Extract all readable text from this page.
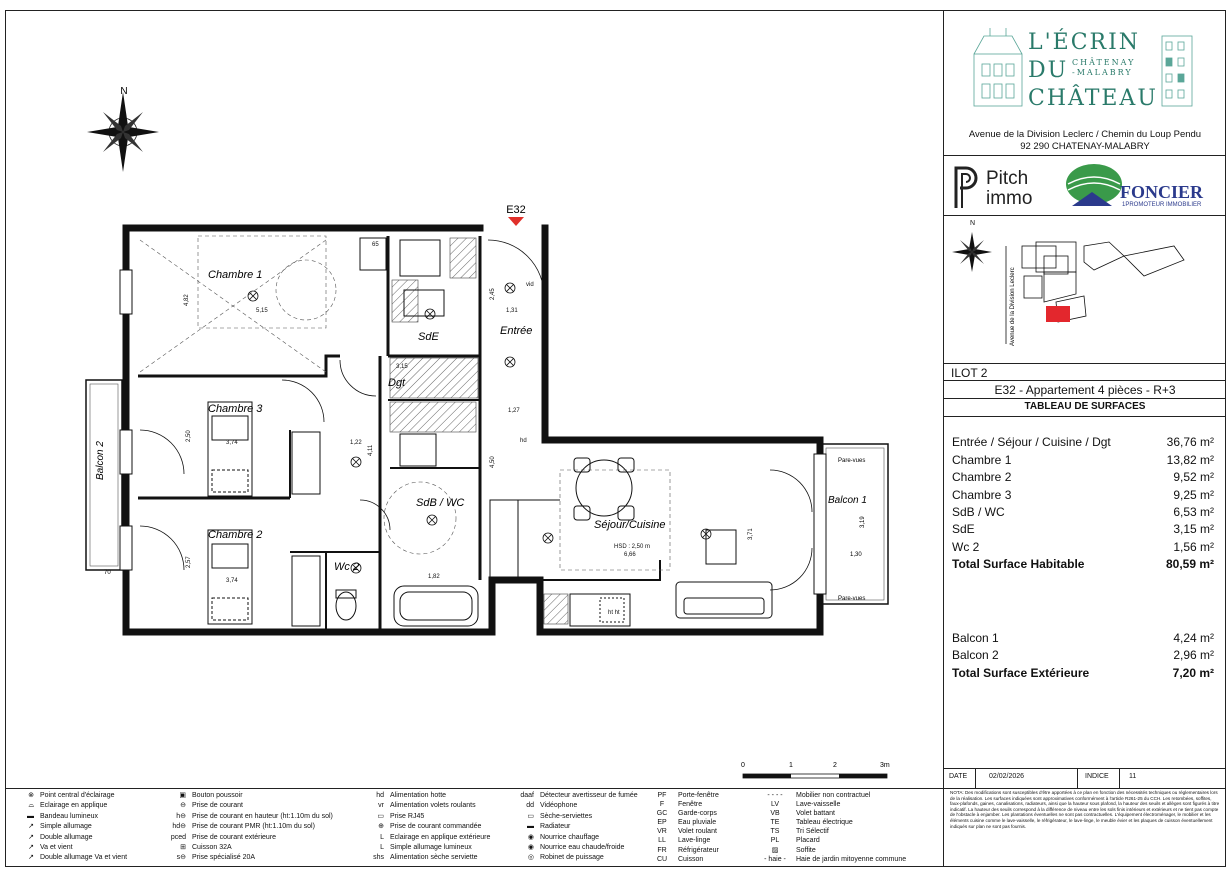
N
E32
Balcon 2
70
Balcon 1
Pare-vues
Pare-vues
1,30
3,19
Chambre 1
Chambre 3
Chambre 2
SdE	Entrée
Dgt
SdB / WC
Wc 2
Séjour/Cuisine
HSD : 2,50 m
6,66
3,71
1,27
1,22
1,82
3,74
3,74
5,15
4,82
2,50
2,57
1,31
2,45
3,15
4,50
4,11
65
hd
vid
ht ht
0	1	2	3m
L'ÉCRIN
DU CHÂTENAY
-MALABRY
CHÂTEAU
Avenue de la Division Leclerc / Chemin du Loup Pendu
92 290 CHATENAY-MALABRY
Pitch
immo	FONCIER
1PROMOTEUR IMMOBILIER
N
Avenue de la Division Leclerc
ILOT 2
E32 - Appartement 4 pièces - R+3
TABLEAU DE SURFACES
Entrée / Séjour / Cuisine / Dgt	36,76 m²
Chambre 1	13,82 m²
Chambre 2	9,52 m²
Chambre 3	9,25 m²
SdB / WC	6,53 m²
SdE	3,15 m²
Wc 2	1,56 m²
Total Surface Habitable	80,59 m²
Balcon 1	4,24 m²
Balcon 2	2,96 m²
Total Surface Extérieure	7,20 m²
DATE	02/02/2026	INDICE	11
⊗ Point central d'éclairage
⌓ Eclairage en applique
▬ Bandeau lumineux
↗ Simple allumage
↗ Double allumage
↗ Va et vient
↗ Double allumage Va et vient
▣ Bouton poussoir
⊖ Prise de courant
h⊖ Prise de courant en hauteur (ht:1.10m du sol)
hd⊖ Prise de courant PMR (ht:1.10m du sol)
pced Prise de courant extérieure
⊞ Cuisson 32A
s⊖ Prise spécialisé 20A
hd Alimentation hotte
vr Alimentation volets roulants
▭ Prise RJ45
⊕ Prise de courant commandée
L Eclairage en applique extérieure
L Simple allumage lumineux
shs Alimentation sèche serviette
daaf Détecteur avertisseur de fumée
dd Vidéophone
▭ Sèche-serviettes
▬ Radiateur
◉ Nourrice chauffage
◉ Nourrice eau chaude/froide
◎ Robinet de puissage
PF	Porte-fenêtre
F	Fenêtre
GC	Garde-corps
EP	Eau pluviale
VR	Volet roulant
LL	Lave-linge
FR	Réfrigérateur
CU	Cuisson
- - - -	Mobilier non contractuel
LV	Lave-vaisselle
VB	Volet battant
TE	Tableau électrique
TS	Tri Sélectif
PL	Placard
▨	Soffite
- haie -	Haie de jardin mitoyenne commune
NOTA: Des modifications sont susceptibles d'être apportées à ce plan en fonction des nécessités techniques ou réglementaires lors de la réalisation. Les surfaces indiquées sont approximatives conformément à l'article R261-25 du CCH. Les retombées, soffites, faux-plafonds, gaines, canalisations, radiateurs, ainsi que la hauteur sous plafond, la hauteur des seuils et allèges sont figurés à titre indicatif. La hauteur des seuils correspond à la différence de niveau entre les sols finis intérieurs et extérieurs et ne tient pas compte de l'obstacle à enjamber. Les plantations éventuelles ne sont pas contractuelles. L'équipement électroménager, le mobilier et les éléments cuisine comme le lave-vaisselle, le réfrigérateur, le lave-linge, le meuble évier et les plaques de cuisson éventuellement indiqués sur plan ne sont pas fournis.
